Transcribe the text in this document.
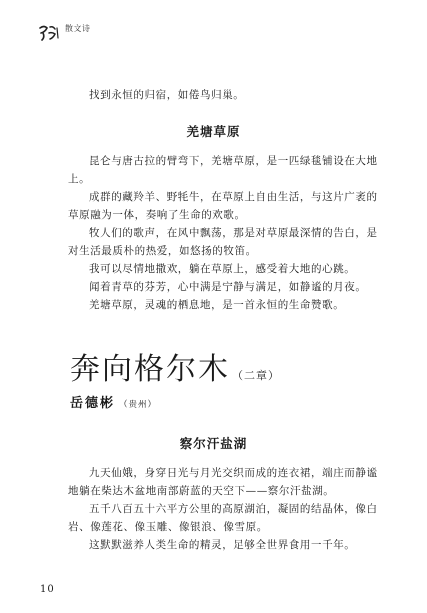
散文诗

找到永恒的归宿，如倦鸟归巢。

羌塘草原

昆仑与唐古拉的臂弯下，羌塘草原，是一匹绿毯铺设在大地上。

成群的藏羚羊、野牦牛，在草原上自由生活，与这片广袤的草原融为一体，奏响了生命的欢歌。

牧人们的歌声，在风中飘荡，那是对草原最深情的告白，是对生活最质朴的热爱，如悠扬的牧笛。

我可以尽情地撒欢，躺在草原上，感受着大地的心跳。

闻着青草的芬芳，心中满是宁静与满足，如静谧的月夜。

羌塘草原，灵魂的栖息地，是一首永恒的生命赞歌。

奔向格尔木 （二章）
岳德彬 （贵州）
察尔汗盐湖

九天仙娥，身穿日光与月光交织而成的连衣裙，端庄而静谧地躺在柴达木盆地南部蔚蓝的天空下——察尔汗盐湖。

五千八百五十六平方公里的高原湖泊，凝固的结晶体，像白岩、像莲花、像玉雕、像银浪、像雪原。

这默默滋养人类生命的精灵，足够全世界食用一千年。

10
